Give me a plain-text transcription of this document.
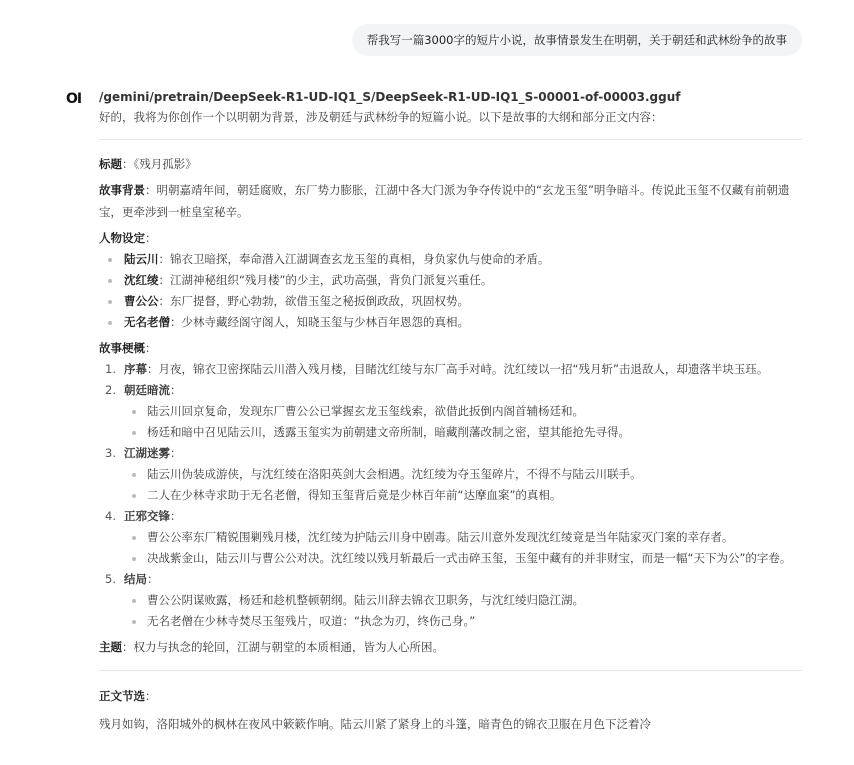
帮我写一篇3000字的短片小说，故事情景发生在明朝，关于朝廷和武林纷争的故事
OI /gemini/pretrain/DeepSeek-R1-UD-IQ1_S/DeepSeek-R1-UD-IQ1_S-00001-of-00003.gguf
好的，我将为你创作一个以明朝为背景，涉及朝廷与武林纷争的短篇小说。以下是故事的大纲和部分正文内容：

标题：《残月孤影》

故事背景：明朝嘉靖年间，朝廷腐败，东厂势力膨胀，江湖中各大门派为争夺传说中的“玄龙玉玺”明争暗斗。传说此玉玺不仅藏有前朝遗宝，更牵涉到一桩皇室秘辛。

人物设定：

陆云川：锦衣卫暗探，奉命潜入江湖调查玄龙玉玺的真相，身负家仇与使命的矛盾。
沈红绫：江湖神秘组织“残月楼”的少主，武功高强，背负门派复兴重任。
曹公公：东厂提督，野心勃勃，欲借玉玺之秘扳倒政敌，巩固权势。
无名老僧：少林寺藏经阁守阁人，知晓玉玺与少林百年恩怨的真相。

故事梗概：

1. 序幕：月夜，锦衣卫密探陆云川潜入残月楼，目睹沈红绫与东厂高手对峙。沈红绫以一招“残月斩”击退敌人，却遗落半块玉珏。
2. 朝廷暗流：
陆云川回京复命，发现东厂曹公公已掌握玄龙玉玺线索，欲借此扳倒内阁首辅杨廷和。
杨廷和暗中召见陆云川，透露玉玺实为前朝建文帝所制，暗藏削藩改制之密，望其能抢先寻得。
3. 江湖迷雾：
陆云川伪装成游侠，与沈红绫在洛阳英剑大会相遇。沈红绫为夺玉玺碎片，不得不与陆云川联手。
二人在少林寺求助于无名老僧，得知玉玺背后竟是少林百年前“达摩血案”的真相。
4. 正邪交锋：
曹公公率东厂精锐围剿残月楼，沈红绫为护陆云川身中剧毒。陆云川意外发现沈红绫竟是当年陆家灭门案的幸存者。
决战紫金山，陆云川与曹公公对决。沈红绫以残月斩最后一式击碎玉玺，玉玺中藏有的并非财宝，而是一幅“天下为公”的字卷。
5. 结局：
曹公公阴谋败露，杨廷和趁机整顿朝纲。陆云川辞去锦衣卫职务，与沈红绫归隐江湖。
无名老僧在少林寺焚尽玉玺残片，叹道：“执念为刃，终伤己身。”

主题：权力与执念的轮回，江湖与朝堂的本质相通，皆为人心所困。

正文节选：

残月如钩，洛阳城外的枫林在夜风中簌簌作响。陆云川紧了紧身上的斗篷，暗青色的锦衣卫服在月色下泛着冷
